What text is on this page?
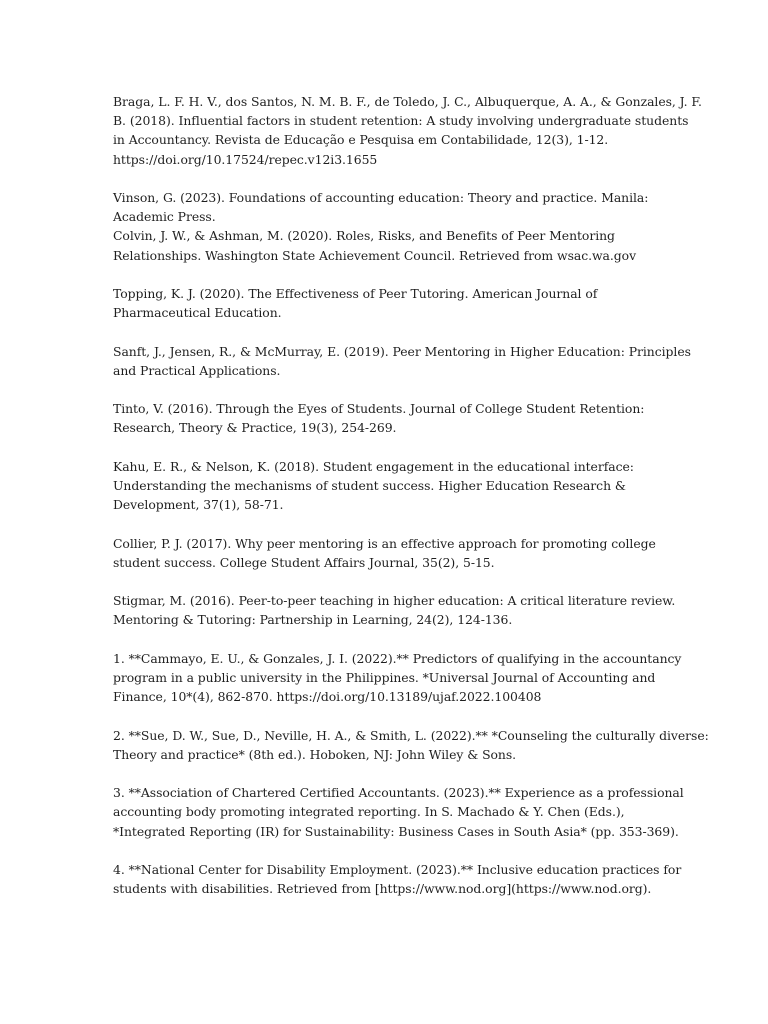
Braga, L. F. H. V., dos Santos, N. M. B. F., de Toledo, J. C., Albuquerque, A. A., & Gonzales, J. F.
B. (2018). Influential factors in student retention: A study involving undergraduate students
in Accountancy. Revista de Educação e Pesquisa em Contabilidade, 12(3), 1-12.
https://doi.org/10.17524/repec.v12i3.1655
Vinson, G. (2023). Foundations of accounting education: Theory and practice. Manila:
Academic Press.
Colvin, J. W., & Ashman, M. (2020). Roles, Risks, and Benefits of Peer Mentoring
Relationships. Washington State Achievement Council. Retrieved from wsac.wa.gov
Topping, K. J. (2020). The Effectiveness of Peer Tutoring. American Journal of
Pharmaceutical Education.
Sanft, J., Jensen, R., & McMurray, E. (2019). Peer Mentoring in Higher Education: Principles
and Practical Applications.
Tinto, V. (2016). Through the Eyes of Students. Journal of College Student Retention:
Research, Theory & Practice, 19(3), 254-269.
Kahu, E. R., & Nelson, K. (2018). Student engagement in the educational interface:
Understanding the mechanisms of student success. Higher Education Research &
Development, 37(1), 58-71.
Collier, P. J. (2017). Why peer mentoring is an effective approach for promoting college
student success. College Student Affairs Journal, 35(2), 5-15.
Stigmar, M. (2016). Peer-to-peer teaching in higher education: A critical literature review.
Mentoring & Tutoring: Partnership in Learning, 24(2), 124-136.
1. **Cammayo, E. U., & Gonzales, J. I. (2022).** Predictors of qualifying in the accountancy
program in a public university in the Philippines. *Universal Journal of Accounting and
Finance, 10*(4), 862-870. https://doi.org/10.13189/ujaf.2022.100408
2. **Sue, D. W., Sue, D., Neville, H. A., & Smith, L. (2022).** *Counseling the culturally diverse:
Theory and practice* (8th ed.). Hoboken, NJ: John Wiley & Sons.
3. **Association of Chartered Certified Accountants. (2023).** Experience as a professional
accounting body promoting integrated reporting. In S. Machado & Y. Chen (Eds.),
*Integrated Reporting (IR) for Sustainability: Business Cases in South Asia* (pp. 353-369).
4. **National Center for Disability Employment. (2023).** Inclusive education practices for
students with disabilities. Retrieved from [https://www.nod.org](https://www.nod.org).
